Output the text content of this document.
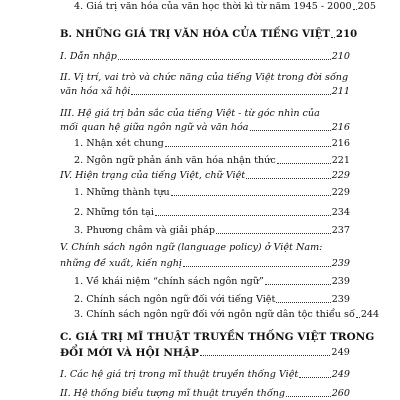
4. Giá trị văn hóa của văn học thời kì từ năm 1945 - 2000 205
B. NHỮNG GIÁ TRỊ VĂN HÓA CỦA TIẾNG VIỆT 210
I. Dẫn nhập	210
II. Vị trí, vai trò và chức năng của tiếng Việt trong đời sống
văn hóa xã hội	211
III. Hệ giá trị bản sắc của tiếng Việt - từ góc nhìn của
mối quan hệ giữa ngôn ngữ và văn hóa	216
1. Nhận xét chung	216
2. Ngôn ngữ phản ánh văn hóa nhận thức	221
IV. Hiện trạng của tiếng Việt, chữ Việt	229
1. Những thành tựu	229
2. Những tồn tại	234
3. Phương châm và giải pháp	237
V. Chính sách ngôn ngữ (language policy) ở Việt Nam:
những đề xuất, kiến nghị	239
1. Về khái niệm “chính sách ngôn ngữ”	239
2. Chính sách ngôn ngữ đối với tiếng Việt	239
3. Chính sách ngôn ngữ đối với ngôn ngữ dân tộc thiểu số 244
C. GIÁ TRỊ MĨ THUẬT TRUYỀN THỐNG VIỆT TRONG
ĐỔI MỚI VÀ HỘI NHẬP	249
I. Các hệ giá trị trong mĩ thuật truyền thống Việt	249
II. Hệ thống biểu tượng mĩ thuật truyền thống	260
